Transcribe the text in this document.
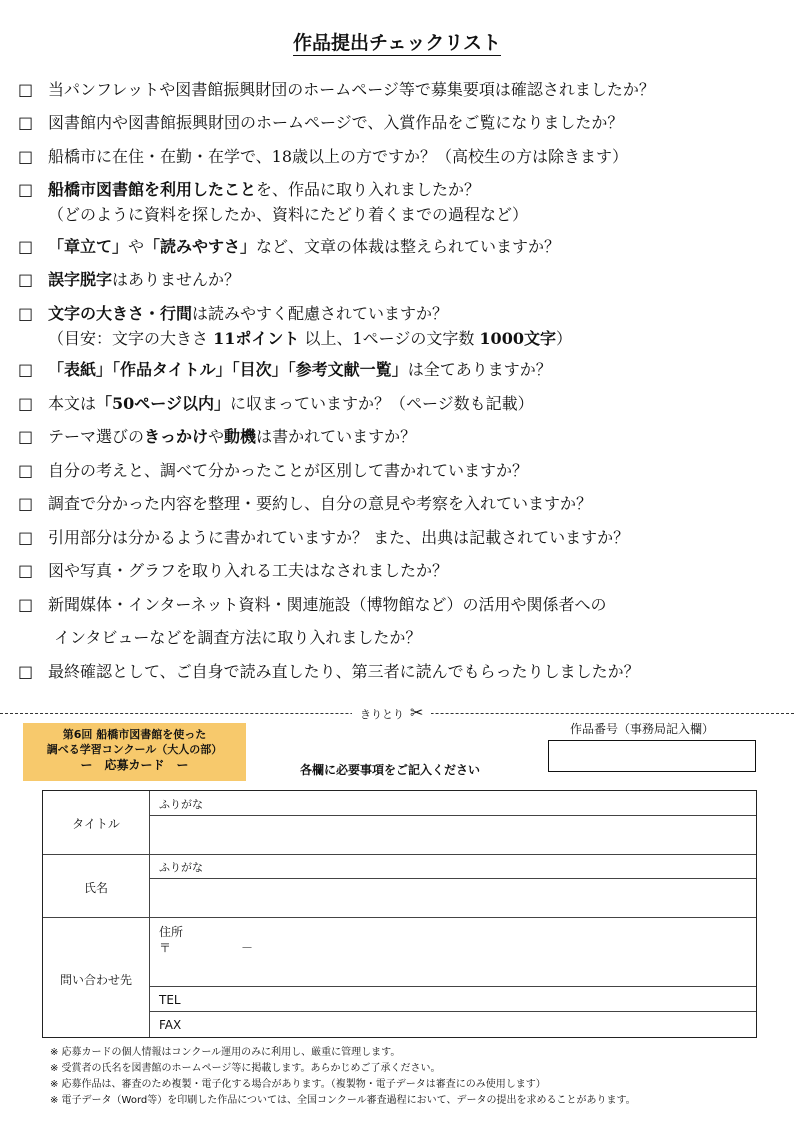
作品提出チェックリスト
□ 当パンフレットや図書館振興財団のホームページ等で募集要項は確認されましたか？
□ 図書館内や図書館振興財団のホームページで、入賞作品をご覧になりましたか？
□ 船橋市に在住・在勤・在学で、18歳以上の方ですか？（高校生の方は除きます）
□ 船橋市図書館を利用したことを、作品に取り入れましたか？
（どのように資料を探したか、資料にたどり着くまでの過程など）
□ 「章立て」や「読みやすさ」など、文章の体裁は整えられていますか？
□ 誤字脱字はありませんか？
□ 文字の大きさ・行間は読みやすく配慮されていますか？
（目安：文字の大きさ 11ポイント 以上、1ページの文字数 1000文字）
□ 「表紙」「作品タイトル」「目次」「参考文献一覧」は全てありますか？
□ 本文は「50ページ以内」に収まっていますか？（ページ数も記載）
□ テーマ選びのきっかけや動機は書かれていますか？
□ 自分の考えと、調べて分かったことが区別して書かれていますか？
□ 調査で分かった内容を整理・要約し、自分の意見や考察を入れていますか？
□ 引用部分は分かるように書かれていますか？ また、出典は記載されていますか？
□ 図や写真・グラフを取り入れる工夫はなされましたか？
□ 新聞媒体・インターネット資料・関連施設（博物館など）の活用や関係者への
インタビューなどを調査方法に取り入れましたか？
□ 最終確認として、ご自身で読み直したり、第三者に読んでもらったりしましたか？
きりとり ✂
第6回 船橋市図書館を使った
調べる学習コンクール（大人の部）
ー　応募カード　ー	各欄に必要事項をご記入ください
作品番号（事務局記入欄）
タイトル
ふりがな
氏名
ふりがな
問い合わせ先
住所
〒	－
TEL
FAX
※ 応募カードの個人情報はコンクール運用のみに利用し、厳重に管理します。
※ 受賞者の氏名を図書館のホームページ等に掲載します。あらかじめご了承ください。
※ 応募作品は、審査のため複製・電子化する場合があります。（複製物・電子データは審査にのみ使用します）
※ 電子データ（Word等）を印刷した作品については、全国コンクール審査過程において、データの提出を求めることがあります。
